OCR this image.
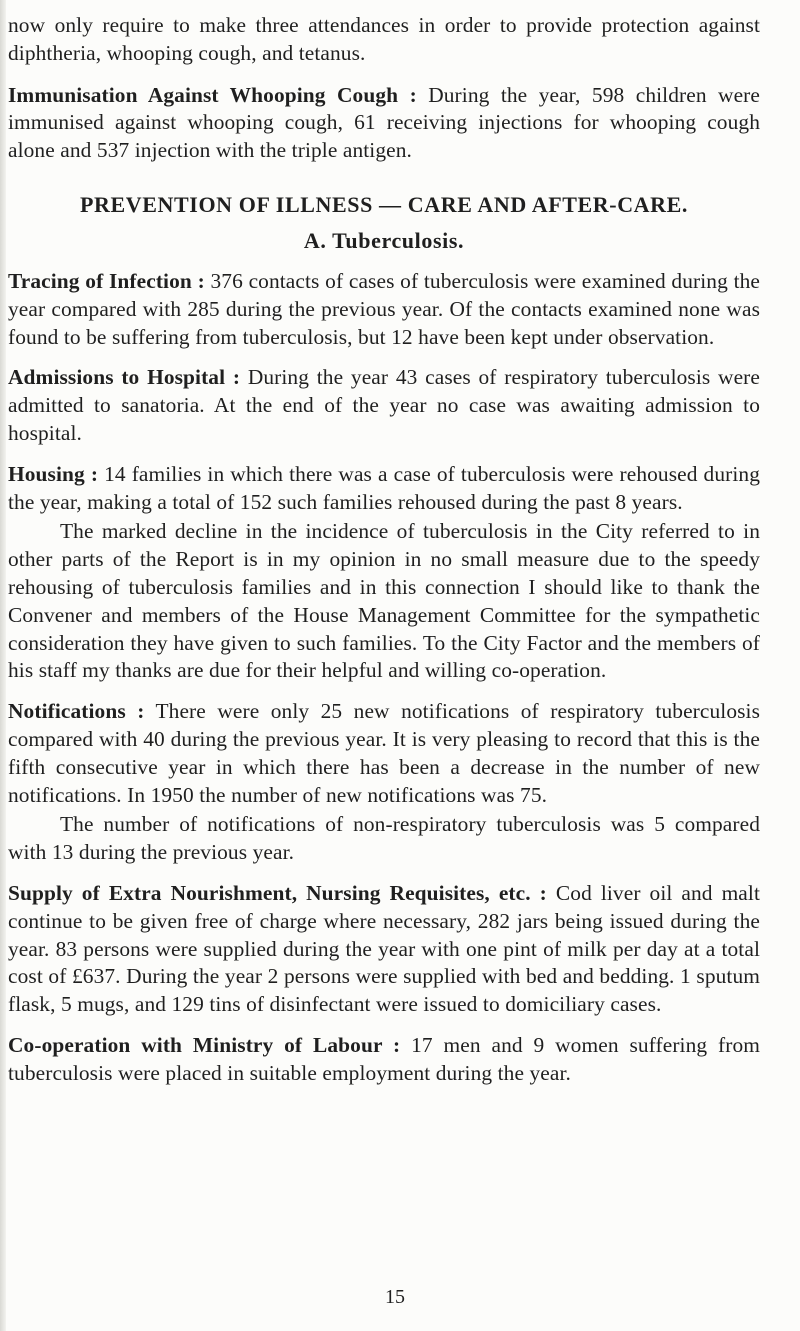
now only require to make three attendances in order to provide protection against diphtheria, whooping cough, and tetanus.

Immunisation Against Whooping Cough : During the year, 598 children were immunised against whooping cough, 61 receiving injections for whooping cough alone and 537 injection with the triple antigen.

PREVENTION OF ILLNESS — CARE AND AFTER-CARE.
A. Tuberculosis.

Tracing of Infection : 376 contacts of cases of tuberculosis were examined during the year compared with 285 during the previous year. Of the contacts examined none was found to be suffering from tuberculosis, but 12 have been kept under observation.

Admissions to Hospital : During the year 43 cases of respiratory tuberculosis were admitted to sanatoria. At the end of the year no case was awaiting admission to hospital.

Housing : 14 families in which there was a case of tuberculosis were rehoused during the year, making a total of 152 such families rehoused during the past 8 years.

The marked decline in the incidence of tuberculosis in the City referred to in other parts of the Report is in my opinion in no small measure due to the speedy rehousing of tuberculosis families and in this connection I should like to thank the Convener and members of the House Management Committee for the sympathetic consideration they have given to such families. To the City Factor and the members of his staff my thanks are due for their helpful and willing co-operation.

Notifications : There were only 25 new notifications of respiratory tuberculosis compared with 40 during the previous year. It is very pleasing to record that this is the fifth consecutive year in which there has been a decrease in the number of new notifications. In 1950 the number of new notifications was 75.

The number of notifications of non-respiratory tuberculosis was 5 compared with 13 during the previous year.

Supply of Extra Nourishment, Nursing Requisites, etc. : Cod liver oil and malt continue to be given free of charge where necessary, 282 jars being issued during the year. 83 persons were supplied during the year with one pint of milk per day at a total cost of £637. During the year 2 persons were supplied with bed and bedding. 1 sputum flask, 5 mugs, and 129 tins of disinfectant were issued to domiciliary cases.

Co-operation with Ministry of Labour : 17 men and 9 women suffering from tuberculosis were placed in suitable employment during the year.

15
